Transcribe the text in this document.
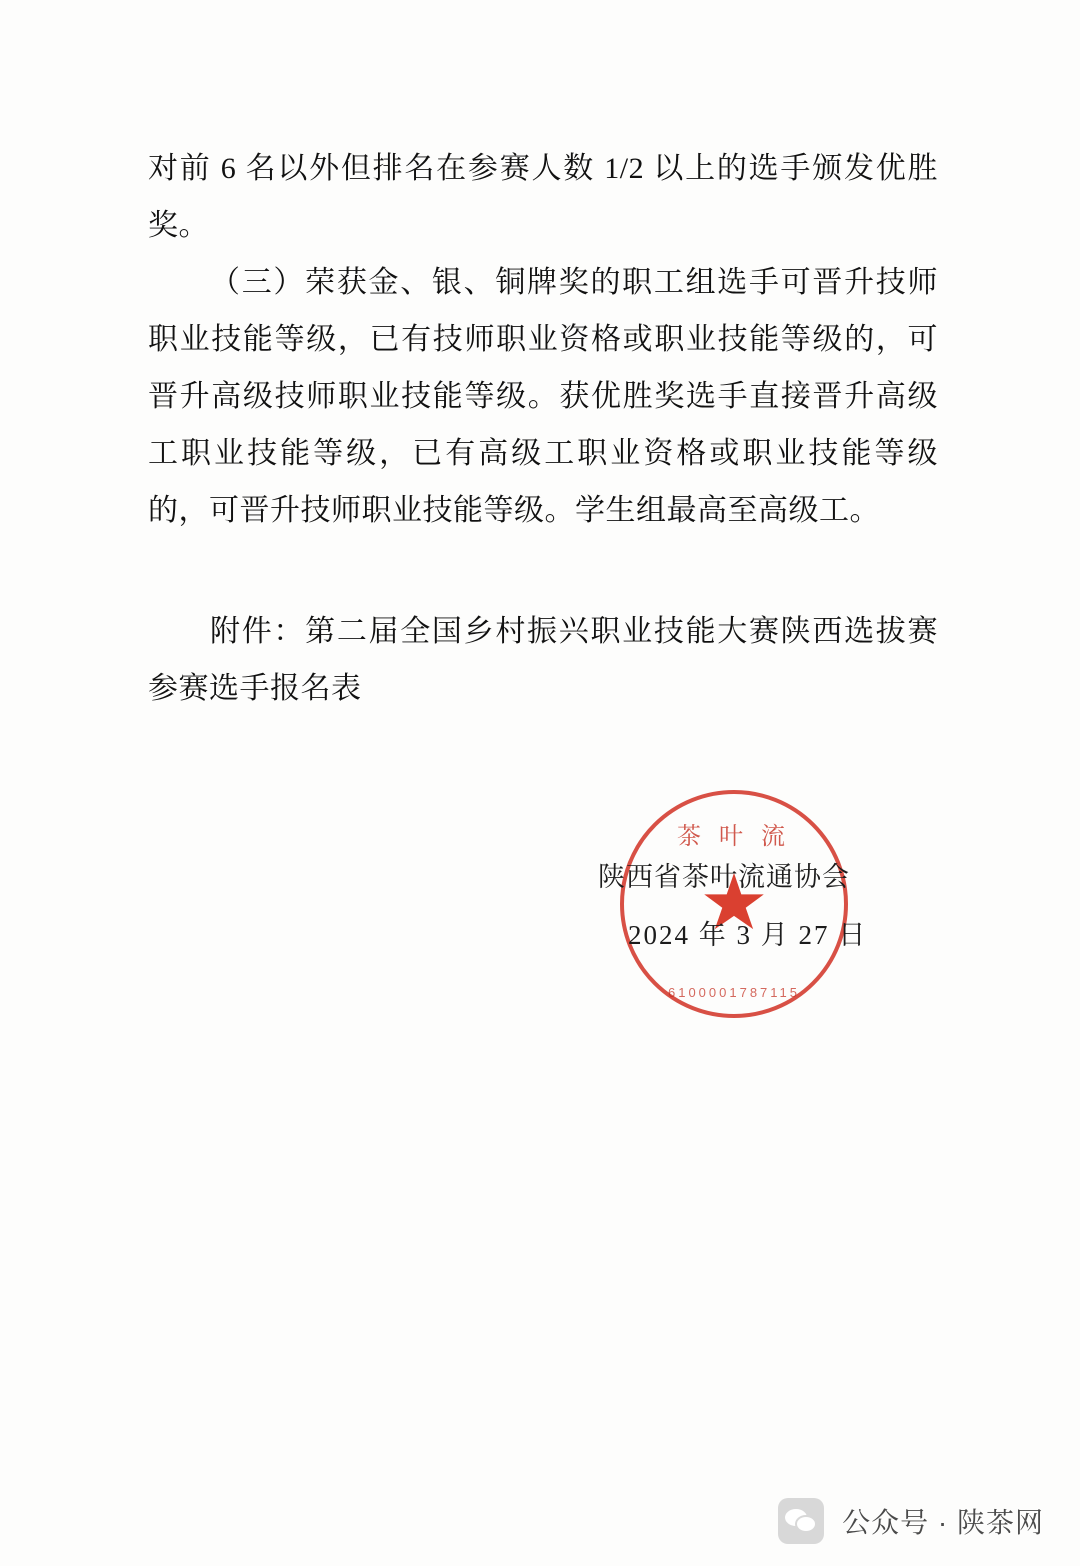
对前 6 名以外但排名在参赛人数 1/2 以上的选手颁发优胜奖。

（三）荣获金、银、铜牌奖的职工组选手可晋升技师职业技能等级，已有技师职业资格或职业技能等级的，可晋升高级技师职业技能等级。获优胜奖选手直接晋升高级工职业技能等级，已有高级工职业资格或职业技能等级的，可晋升技师职业技能等级。学生组最高至高级工。

附件：第二届全国乡村振兴职业技能大赛陕西选拔赛参赛选手报名表

茶 叶 流
6100001787115
陕西省茶叶流通协会
2024 年 3 月 27 日
公众号 · 陕茶网
